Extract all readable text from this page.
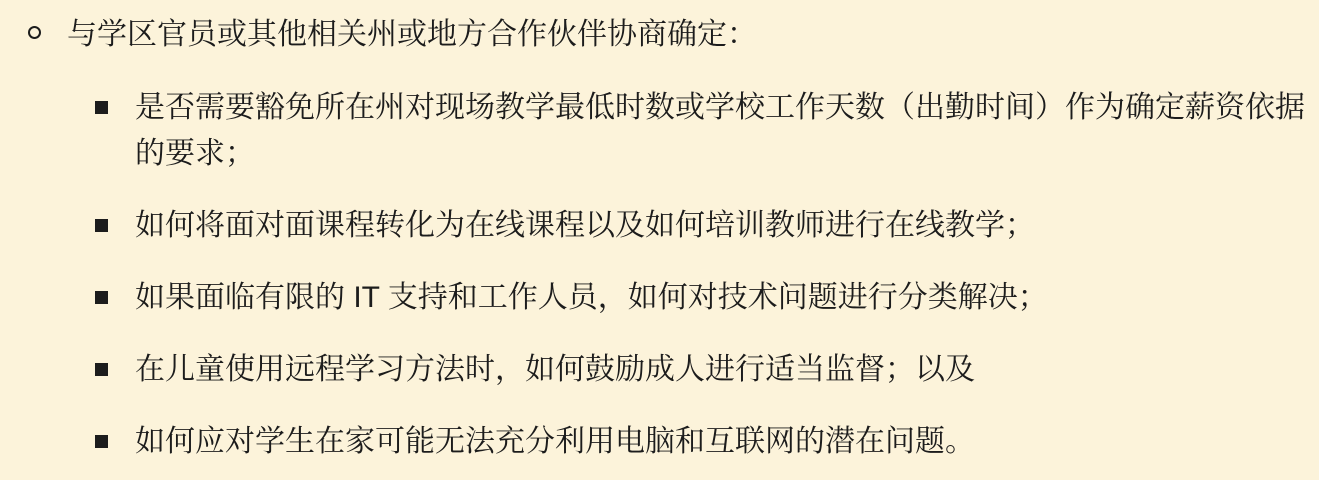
与学区官员或其他相关州或地方合作伙伴协商确定：
是否需要豁免所在州对现场教学最低时数或学校工作天数（出勤时间）作为确定薪资依据的要求；
如何将面对面课程转化为在线课程以及如何培训教师进行在线教学；
如果面临有限的 IT 支持和工作人员，如何对技术问题进行分类解决；
在儿童使用远程学习方法时，如何鼓励成人进行适当监督；以及
如何应对学生在家可能无法充分利用电脑和互联网的潜在问题。
